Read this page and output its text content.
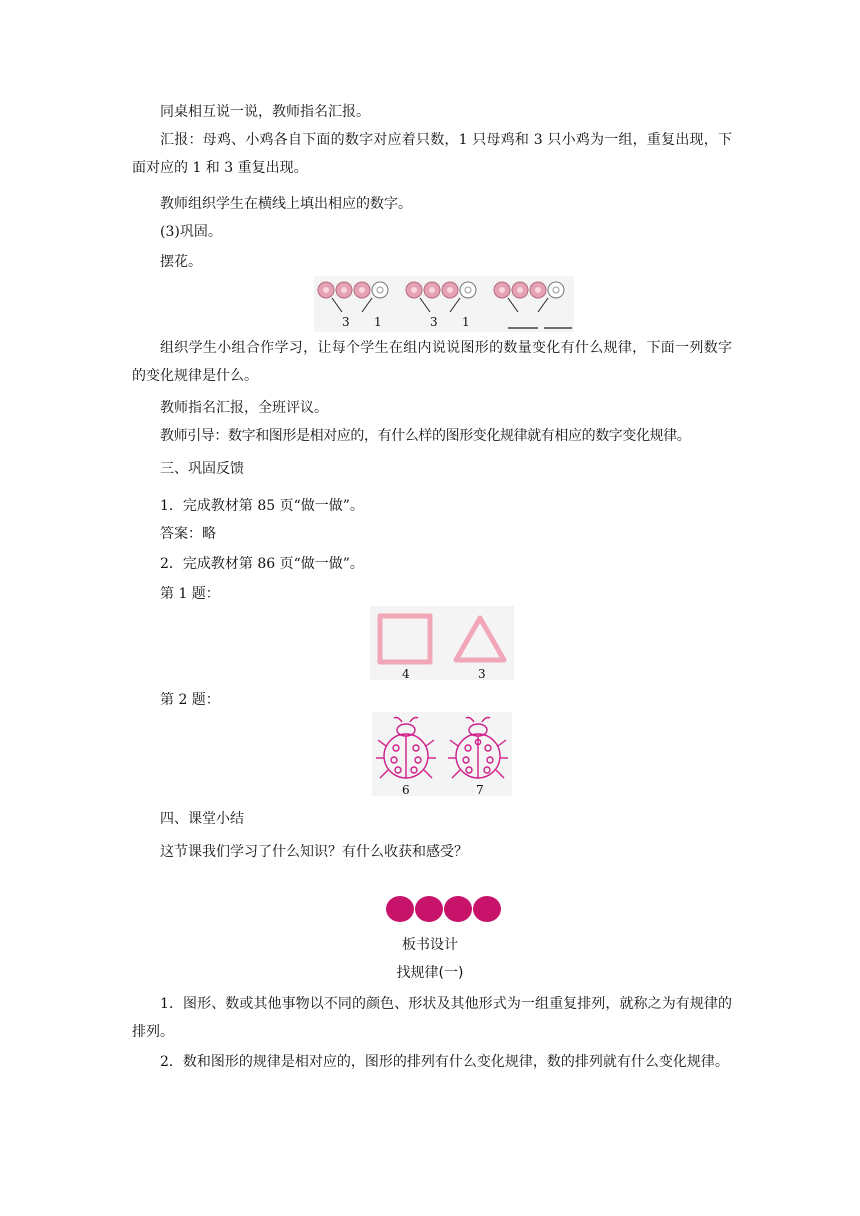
同桌相互说一说，教师指名汇报。

汇报：母鸡、小鸡各自下面的数字对应着只数，1 只母鸡和 3 只小鸡为一组，重复出现，下面对应的 1 和 3 重复出现。

教师组织学生在横线上填出相应的数字。

(3)巩固。

摆花。

3 1	3 1

组织学生小组合作学习，让每个学生在组内说说图形的数量变化有什么规律，下面一列数字的变化规律是什么。

教师指名汇报，全班评议。

教师引导：数字和图形是相对应的，有什么样的图形变化规律就有相应的数字变化规律。

三、巩固反馈

1．完成教材第 85 页“做一做”。

答案：略

2．完成教材第 86 页“做一做”。

第 1 题：

4	3

第 2 题：

6	7
四、课堂小结

这节课我们学习了什么知识？有什么收获和感受？

板书设计
找规律(一)

1．图形、数或其他事物以不同的颜色、形状及其他形式为一组重复排列，就称之为有规律的排列。

2．数和图形的规律是相对应的，图形的排列有什么变化规律，数的排列就有什么变化规律。
